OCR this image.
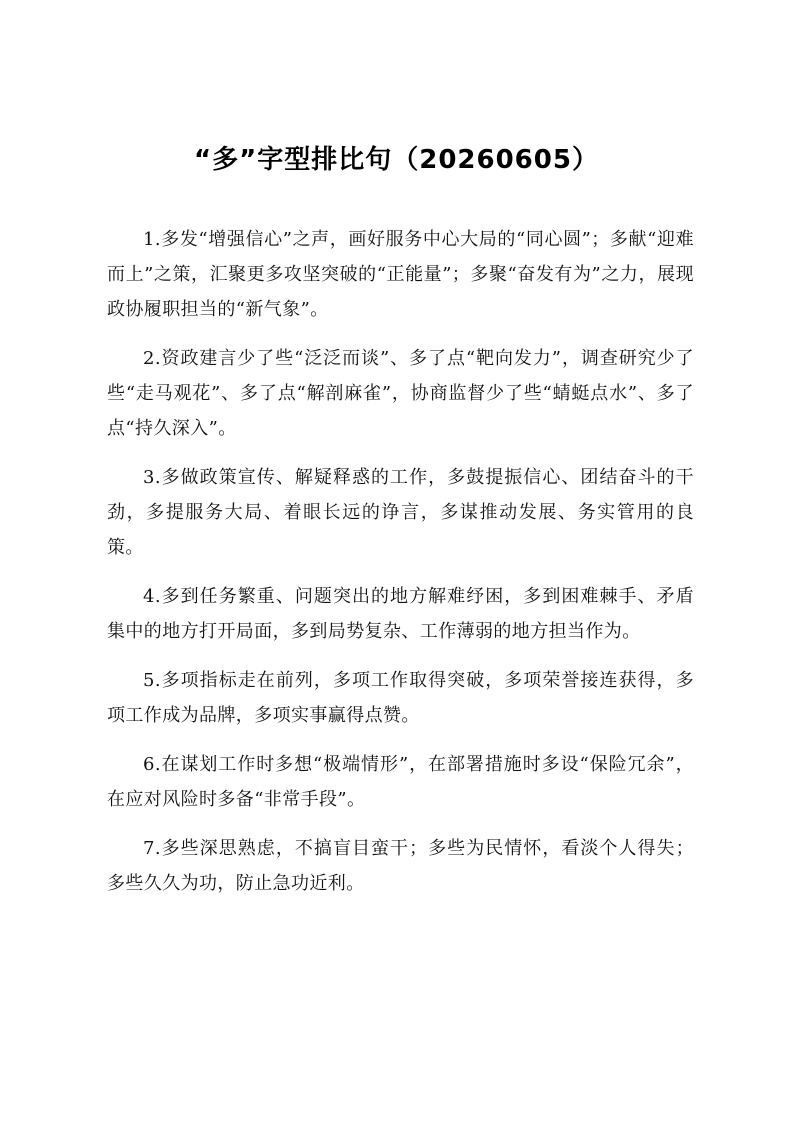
“多”字型排比句（20260605）

1.多发“增强信心”之声，画好服务中心大局的“同心圆”；多献“迎难而上”之策，汇聚更多攻坚突破的“正能量”；多聚“奋发有为”之力，展现政协履职担当的“新气象”。

2.资政建言少了些“泛泛而谈”、多了点“靶向发力”，调查研究少了些“走马观花”、多了点“解剖麻雀”，协商监督少了些“蜻蜓点水”、多了点“持久深入”。

3.多做政策宣传、解疑释惑的工作，多鼓提振信心、团结奋斗的干劲，多提服务大局、着眼长远的诤言，多谋推动发展、务实管用的良策。

4.多到任务繁重、问题突出的地方解难纾困，多到困难棘手、矛盾集中的地方打开局面，多到局势复杂、工作薄弱的地方担当作为。

5.多项指标走在前列，多项工作取得突破，多项荣誉接连获得，多项工作成为品牌，多项实事赢得点赞。

6.在谋划工作时多想“极端情形”，在部署措施时多设“保险冗余”，在应对风险时多备“非常手段”。

7.多些深思熟虑，不搞盲目蛮干；多些为民情怀，看淡个人得失；多些久久为功，防止急功近利。
